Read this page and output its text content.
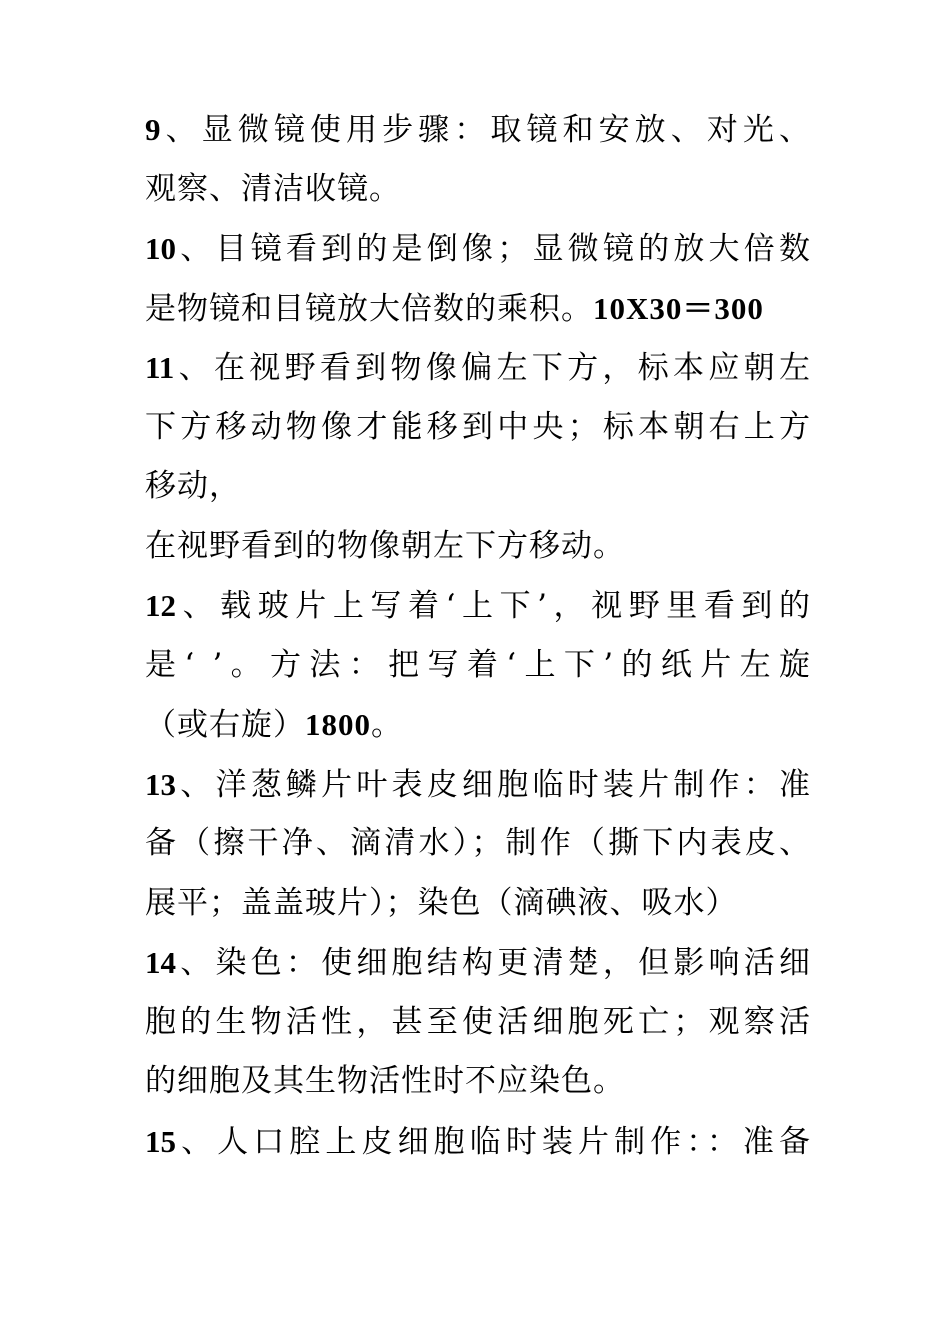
9、显微镜使用步骤：取镜和安放、对光、
观察、清洁收镜。
10、目镜看到的是倒像；显微镜的放大倍数
是物镜和目镜放大倍数的乘积。10X30＝300
11、在视野看到物像偏左下方，标本应朝左
下方移动物像才能移到中央；标本朝右上方
移动，
在视野看到的物像朝左下方移动。
12、载玻片上写着‘上下’，视野里看到的
是‘ ’。方法：把写着‘上下’的纸片左旋
（或右旋）1800。
13、洋葱鳞片叶表皮细胞临时装片制作：准
备（擦干净、滴清水）；制作（撕下内表皮、
展平；盖盖玻片）；染色（滴碘液、吸水）
14、染色：使细胞结构更清楚，但影响活细
胞的生物活性，甚至使活细胞死亡；观察活
的细胞及其生物活性时不应染色。
15、人口腔上皮细胞临时装片制作：：准备
